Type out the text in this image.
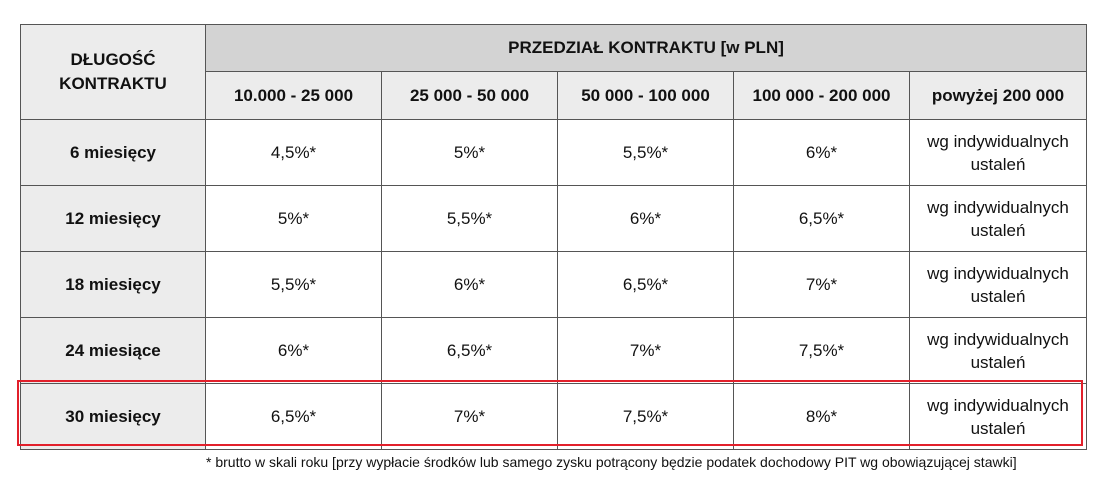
DŁUGOŚĆ KONTRAKTU	PRZEDZIAŁ KONTRAKTU [w PLN]				
	10.000 - 25 000	25 000 - 50 000	50 000 - 100 000	100 000 - 200 000	powyżej 200 000
6 miesięcy	4,5%*	5%*	5,5%*	6%*	wg indywidualnych ustaleń
12 miesięcy	5%*	5,5%*	6%*	6,5%*	wg indywidualnych ustaleń
18 miesięcy	5,5%*	6%*	6,5%*	7%*	wg indywidualnych ustaleń
24 miesiące	6%*	6,5%*	7%*	7,5%*	wg indywidualnych ustaleń
30 miesięcy	6,5%*	7%*	7,5%*	8%*	wg indywidualnych ustaleń
* brutto w skali roku [przy wypłacie środków lub samego zysku potrącony będzie podatek dochodowy PIT wg obowiązującej stawki]
